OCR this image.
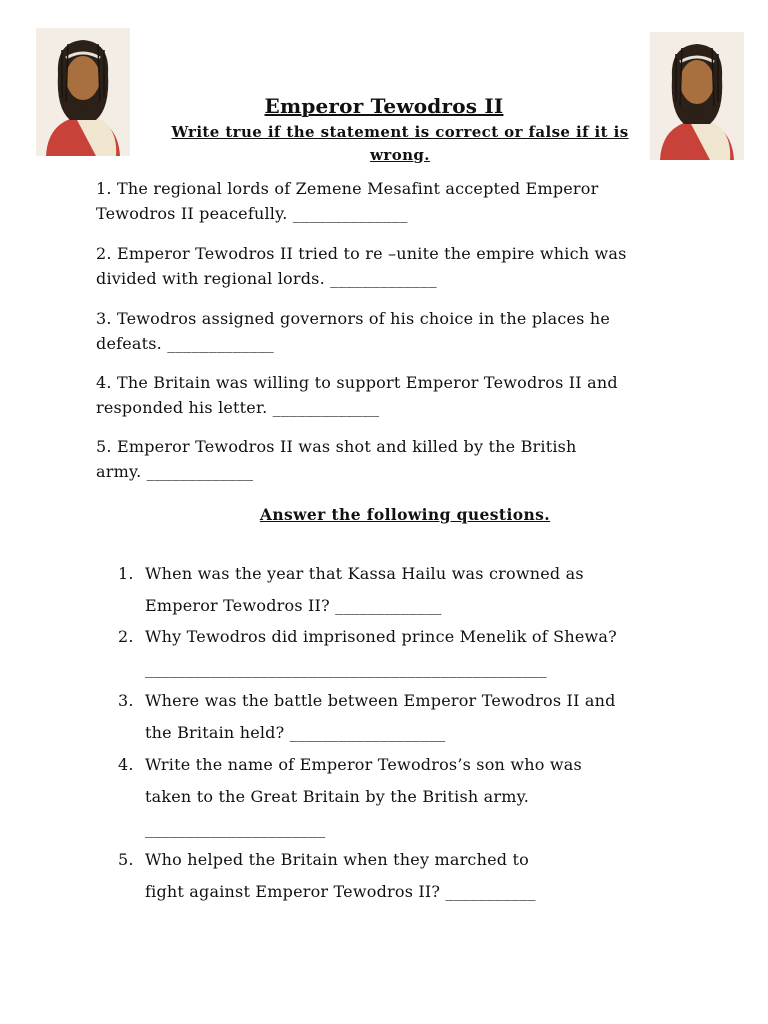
Emperor Tewodros II
Write true if the statement is correct or false if it is wrong.
1. The regional lords of Zemene Mesafint accepted Emperor
Tewodros II peacefully. ______________
2. Emperor Tewodros II tried to re –unite the empire which was
divided with regional lords. _____________
3. Tewodros assigned governors of his choice in the places he
defeats. _____________
4. The Britain was willing to support Emperor Tewodros II and
responded his letter. _____________
5. Emperor Tewodros II was shot and killed by the British
army. _____________
Answer the following questions.
1. When was the year that Kassa Hailu was crowned as
Emperor Tewodros II? _____________
2. Why Tewodros did imprisoned prince Menelik of Shewa?
_________________________________________________
3. Where was the battle between Emperor Tewodros II and
the Britain held? ___________________
4. Write the name of Emperor Tewodros’s son who was
taken to the Great Britain by the British army.
______________________
5. Who helped the Britain when they marched to
fight against Emperor Tewodros II? ___________
